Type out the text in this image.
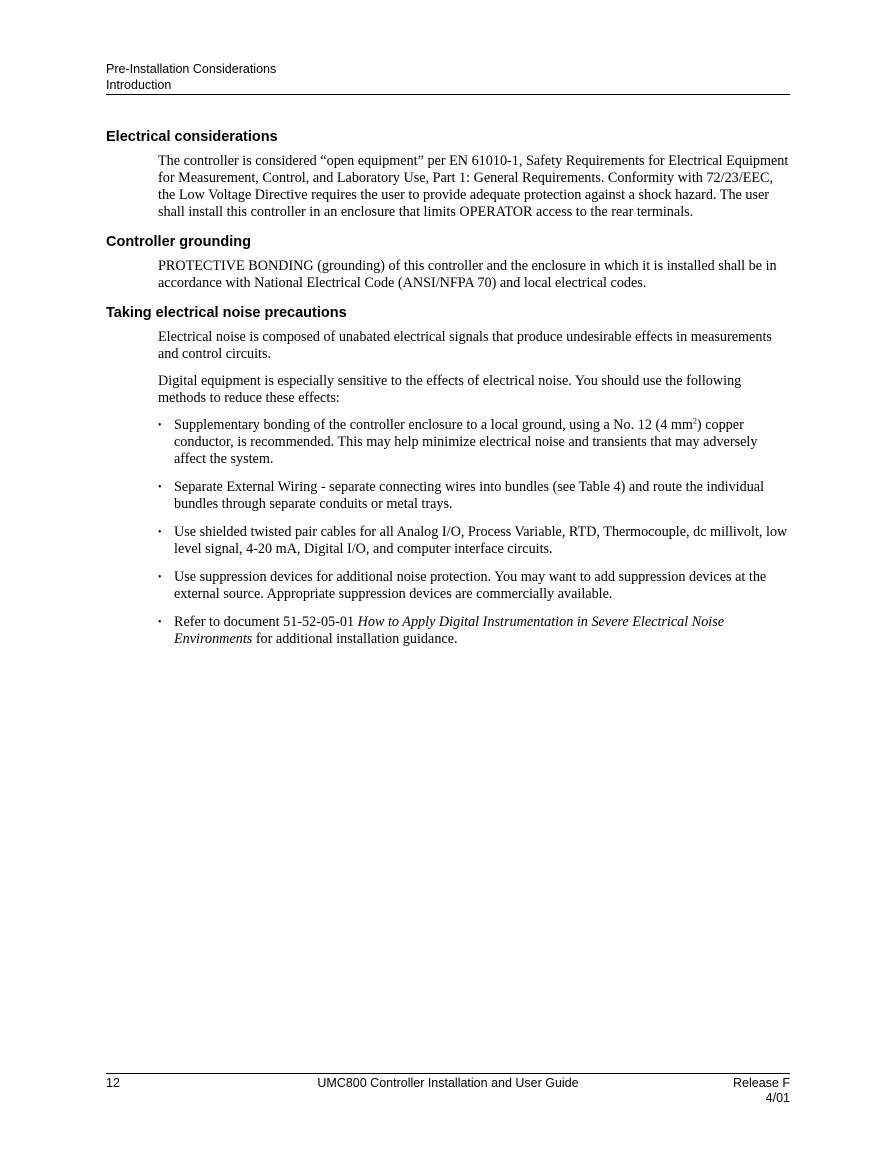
Pre-Installation Considerations
Introduction
Electrical considerations

The controller is considered “open equipment” per EN 61010-1, Safety Requirements for Electrical Equipment for Measurement, Control, and Laboratory Use, Part 1: General Requirements. Conformity with 72/23/EEC, the Low Voltage Directive requires the user to provide adequate protection against a shock hazard. The user shall install this controller in an enclosure that limits OPERATOR access to the rear terminals.

Controller grounding

PROTECTIVE BONDING (grounding) of this controller and the enclosure in which it is installed shall be in accordance with National Electrical Code (ANSI/NFPA 70) and local electrical codes.

Taking electrical noise precautions

Electrical noise is composed of unabated electrical signals that produce undesirable effects in measurements and control circuits.

Digital equipment is especially sensitive to the effects of electrical noise. You should use the following methods to reduce these effects:

• Supplementary bonding of the controller enclosure to a local ground, using a No. 12 (4 $mm^2$) copper conductor, is recommended. This may help minimize electrical noise and transients that may adversely affect the system.
• Separate External Wiring - separate connecting wires into bundles (see Table 4) and route the individual bundles through separate conduits or metal trays.
• Use shielded twisted pair cables for all Analog I/O, Process Variable, RTD, Thermocouple, dc millivolt, low level signal, 4-20 mA, Digital I/O, and computer interface circuits.
• Use suppression devices for additional noise protection. You may want to add suppression devices at the external source. Appropriate suppression devices are commercially available.
• Refer to document 51-52-05-01 How to Apply Digital Instrumentation in Severe Electrical Noise Environments for additional installation guidance.
12	UMC800 Controller Installation and User Guide	Release F
4/01
